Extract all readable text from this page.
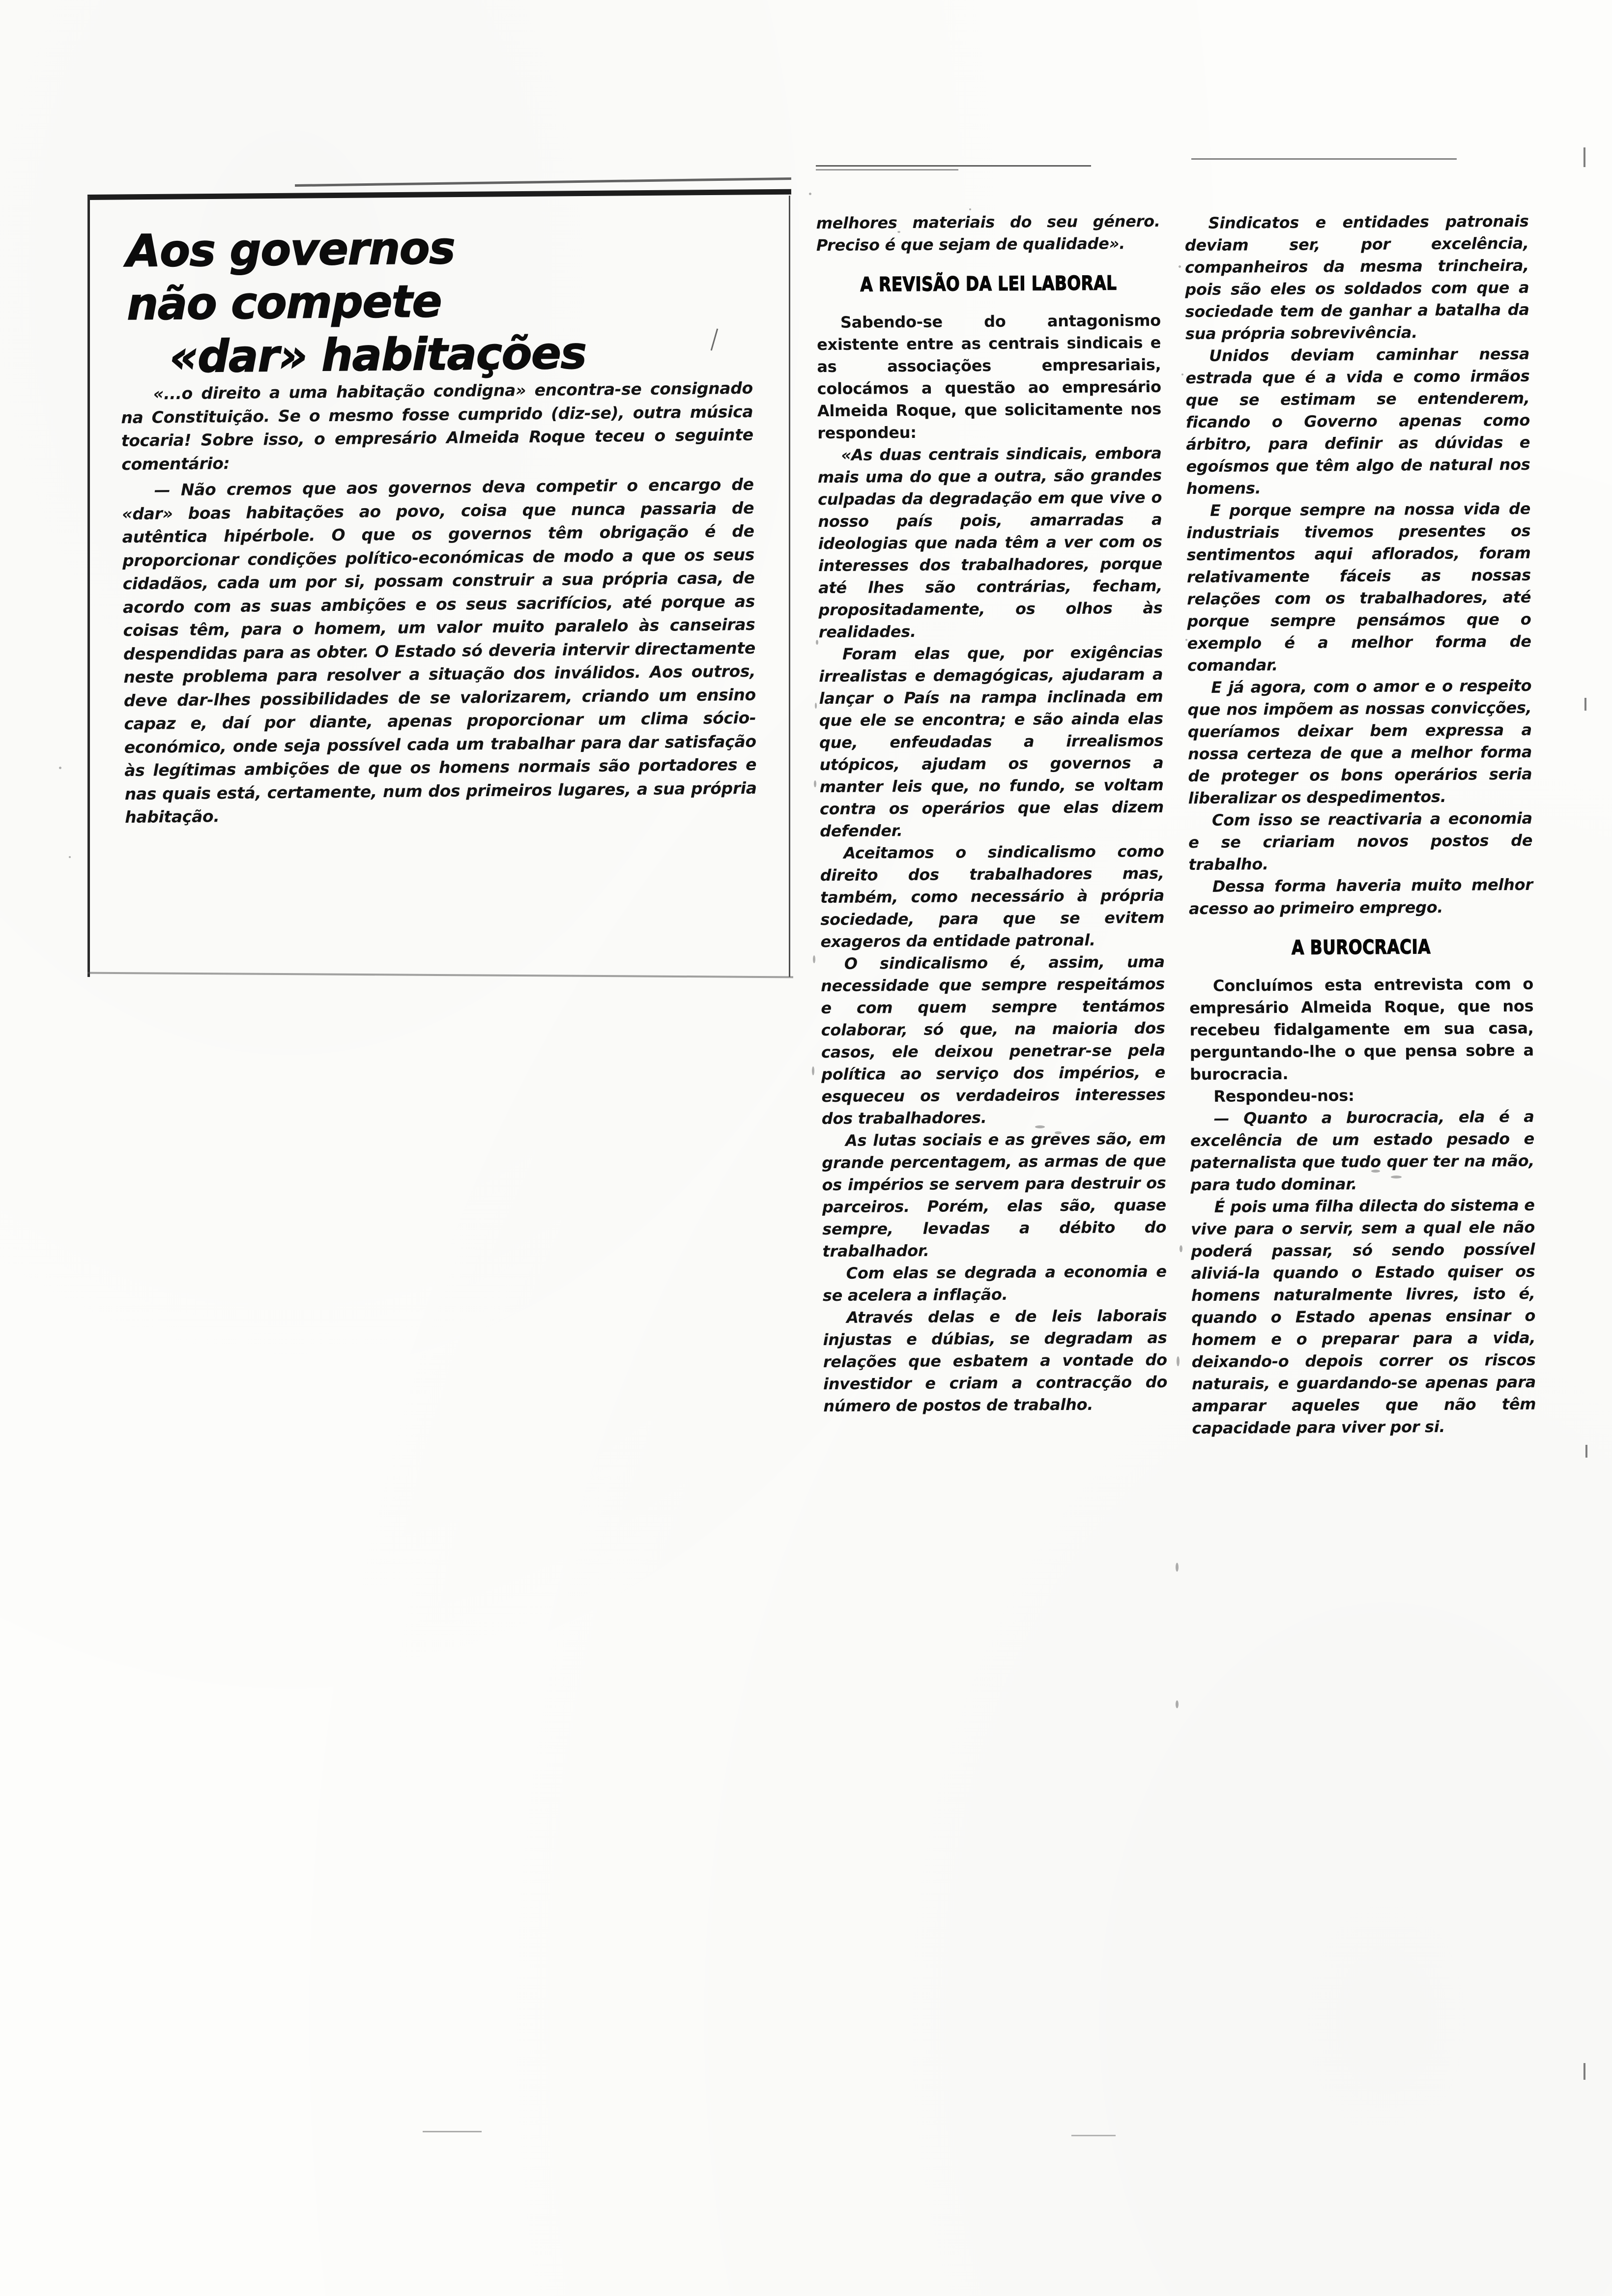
Aos governos
não compete
«dar» habitações

«...o direito a uma habitação condigna» encontra-se consignado na Constituição. Se o mesmo fosse cumprido (diz-se), outra música tocaria! Sobre isso, o empresário Almeida Roque teceu o seguinte comentário:

— Não cremos que aos governos deva competir o encargo de «dar» boas habitações ao povo, coisa que nunca passaria de autêntica hipérbole. O que os governos têm obrigação é de proporcionar condições político-económicas de modo a que os seus cidadãos, cada um por si, possam construir a sua própria casa, de acordo com as suas ambições e os seus sacrifícios, até porque as coisas têm, para o homem, um valor muito paralelo às canseiras despendidas para as obter. O Estado só deveria intervir directamente neste problema para resolver a situação dos inválidos. Aos outros, deve dar-lhes possibilidades de se valorizarem, criando um ensino capaz e, daí por diante, apenas proporcionar um clima sócio-económico, onde seja possível cada um trabalhar para dar satisfação às legítimas ambições de que os homens normais são portadores e nas quais está, certamente, num dos primeiros lugares, a sua própria habitação.

melhores materiais do seu género. Preciso é que sejam de qualidade».

A REVISÃO DA LEI LABORAL

Sabendo-se do antagonismo existente entre as centrais sindicais e as associações empresariais, colocámos a questão ao empresário Almeida Roque, que solicitamente nos respondeu:

«As duas centrais sindicais, embora mais uma do que a outra, são grandes culpadas da degradação em que vive o nosso país pois, amarradas a ideologias que nada têm a ver com os interesses dos trabalhadores, porque até lhes são contrárias, fecham, propositadamente, os olhos às realidades.

Foram elas que, por exigências irrealistas e demagógicas, ajudaram a lançar o País na rampa inclinada em que ele se encontra; e são ainda elas que, enfeudadas a irrealismos utópicos, ajudam os governos a manter leis que, no fundo, se voltam contra os operários que elas dizem defender.

Aceitamos o sindicalismo como direito dos trabalhadores mas, também, como necessário à própria sociedade, para que se evitem exageros da entidade patronal.

O sindicalismo é, assim, uma necessidade que sempre respeitámos e com quem sempre tentámos colaborar, só que, na maioria dos casos, ele deixou penetrar-se pela política ao serviço dos impérios, e esqueceu os verdadeiros interesses dos trabalhadores.

As lutas sociais e as greves são, em grande percentagem, as armas de que os impérios se servem para destruir os parceiros. Porém, elas são, quase sempre, levadas a débito do trabalhador.

Com elas se degrada a economia e se acelera a inflação.

Através delas e de leis laborais injustas e dúbias, se degradam as relações que esbatem a vontade do investidor e criam a contracção do número de postos de trabalho.

Sindicatos e entidades patronais deviam ser, por excelência, companheiros da mesma trincheira, pois são eles os soldados com que a sociedade tem de ganhar a batalha da sua própria sobrevivência.

Unidos deviam caminhar nessa estrada que é a vida e como irmãos que se estimam se entenderem, ficando o Governo apenas como árbitro, para definir as dúvidas e egoísmos que têm algo de natural nos homens.

E porque sempre na nossa vida de industriais tivemos presentes os sentimentos aqui aflorados, foram relativamente fáceis as nossas relações com os trabalhadores, até porque sempre pensámos que o exemplo é a melhor forma de comandar.

E já agora, com o amor e o respeito que nos impõem as nossas convicções, queríamos deixar bem expressa a nossa certeza de que a melhor forma de proteger os bons operários seria liberalizar os despedimentos.

Com isso se reactivaria a economia e se criariam novos postos de trabalho.

Dessa forma haveria muito melhor acesso ao primeiro emprego.

A BUROCRACIA

Concluímos esta entrevista com o empresário Almeida Roque, que nos recebeu fidalgamente em sua casa, perguntando-lhe o que pensa sobre a burocracia.

Respondeu-nos:

— Quanto a burocracia, ela é a excelência de um estado pesado e paternalista que tudo quer ter na mão, para tudo dominar.

É pois uma filha dilecta do sistema e vive para o servir, sem a qual ele não poderá passar, só sendo possível aliviá-la quando o Estado quiser os homens naturalmente livres, isto é, quando o Estado apenas ensinar o homem e o preparar para a vida, deixando-o depois correr os riscos naturais, e guardando-se apenas para amparar aqueles que não têm capacidade para viver por si.
